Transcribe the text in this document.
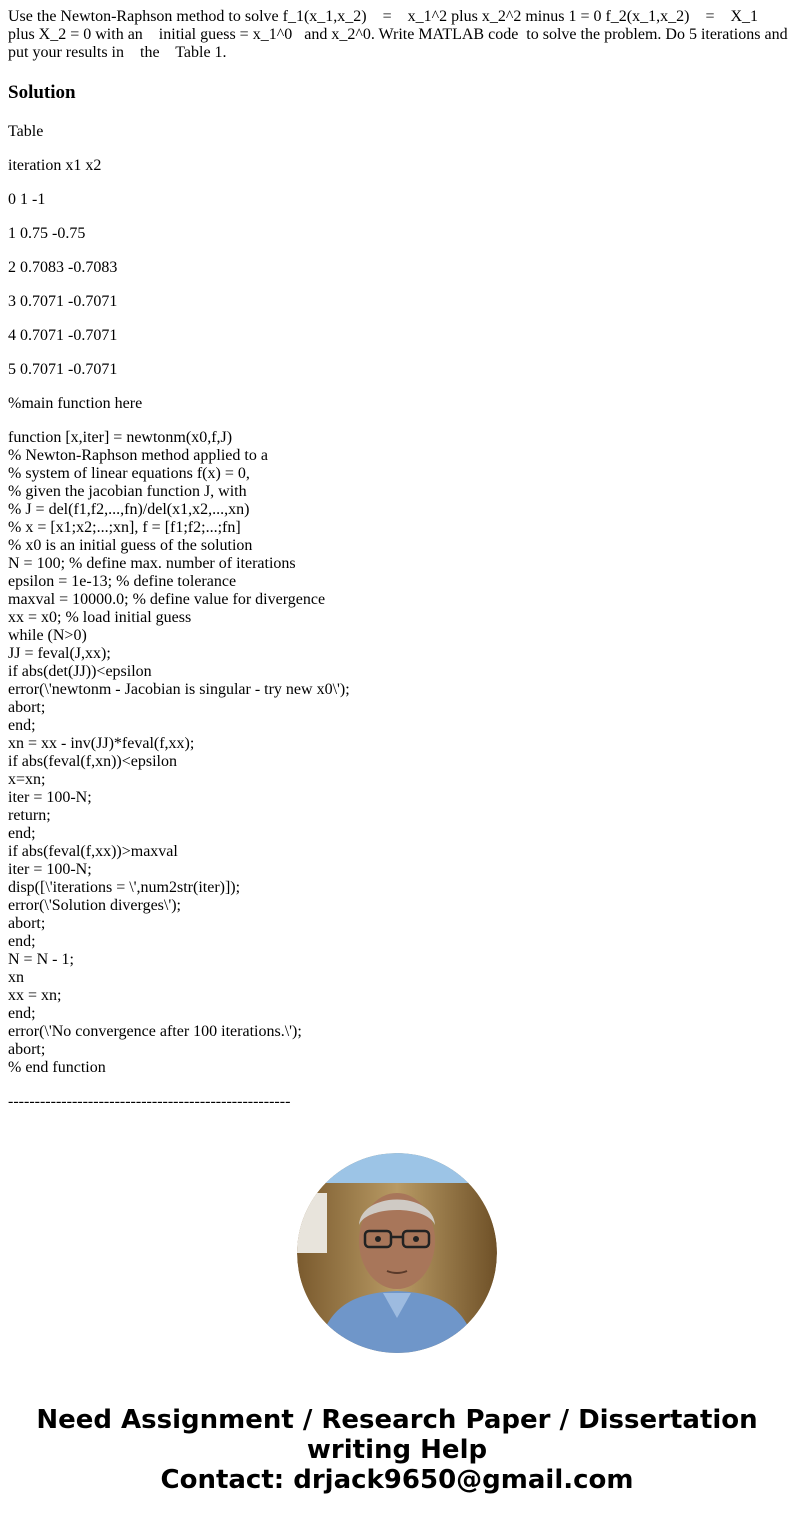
Use the Newton-Raphson method to solve f_1(x_1,x_2)    =    x_1^2 plus x_2^2 minus 1 = 0 f_2(x_1,x_2)    =    X_1 plus X_2 = 0 with an    initial guess = x_1^0   and x_2^0. Write MATLAB code  to solve the problem. Do 5 iterations and put your results in    the    Table 1.
Solution

Table

iteration x1 x2

0 1 -1

1 0.75 -0.75

2 0.7083 -0.7083

3 0.7071 -0.7071

4 0.7071 -0.7071

5 0.7071 -0.7071

%main function here

function [x,iter] = newtonm(x0,f,J)
% Newton-Raphson method applied to a
% system of linear equations f(x) = 0,
% given the jacobian function J, with
% J = del(f1,f2,...,fn)/del(x1,x2,...,xn)
% x = [x1;x2;...;xn], f = [f1;f2;...;fn]
% x0 is an initial guess of the solution
N = 100; % define max. number of iterations
epsilon = 1e-13; % define tolerance
maxval = 10000.0; % define value for divergence
xx = x0; % load initial guess
while (N>0)
JJ = feval(J,xx);
if abs(det(JJ))<epsilon
error(\'newtonm - Jacobian is singular - try new x0\');
abort;
end;
xn = xx - inv(JJ)*feval(f,xx);
if abs(feval(f,xn))<epsilon
x=xn;
iter = 100-N;
return;
end;
if abs(feval(f,xx))>maxval
iter = 100-N;
disp([\'iterations = \',num2str(iter)]);
error(\'Solution diverges\');
abort;
end;
N = N - 1;
xn
xx = xn;
end;
error(\'No convergence after 100 iterations.\');
abort;
% end function
-----------------------------------------------------
Need Assignment / Research Paper / Dissertation
writing Help
Contact: drjack9650@gmail.com
